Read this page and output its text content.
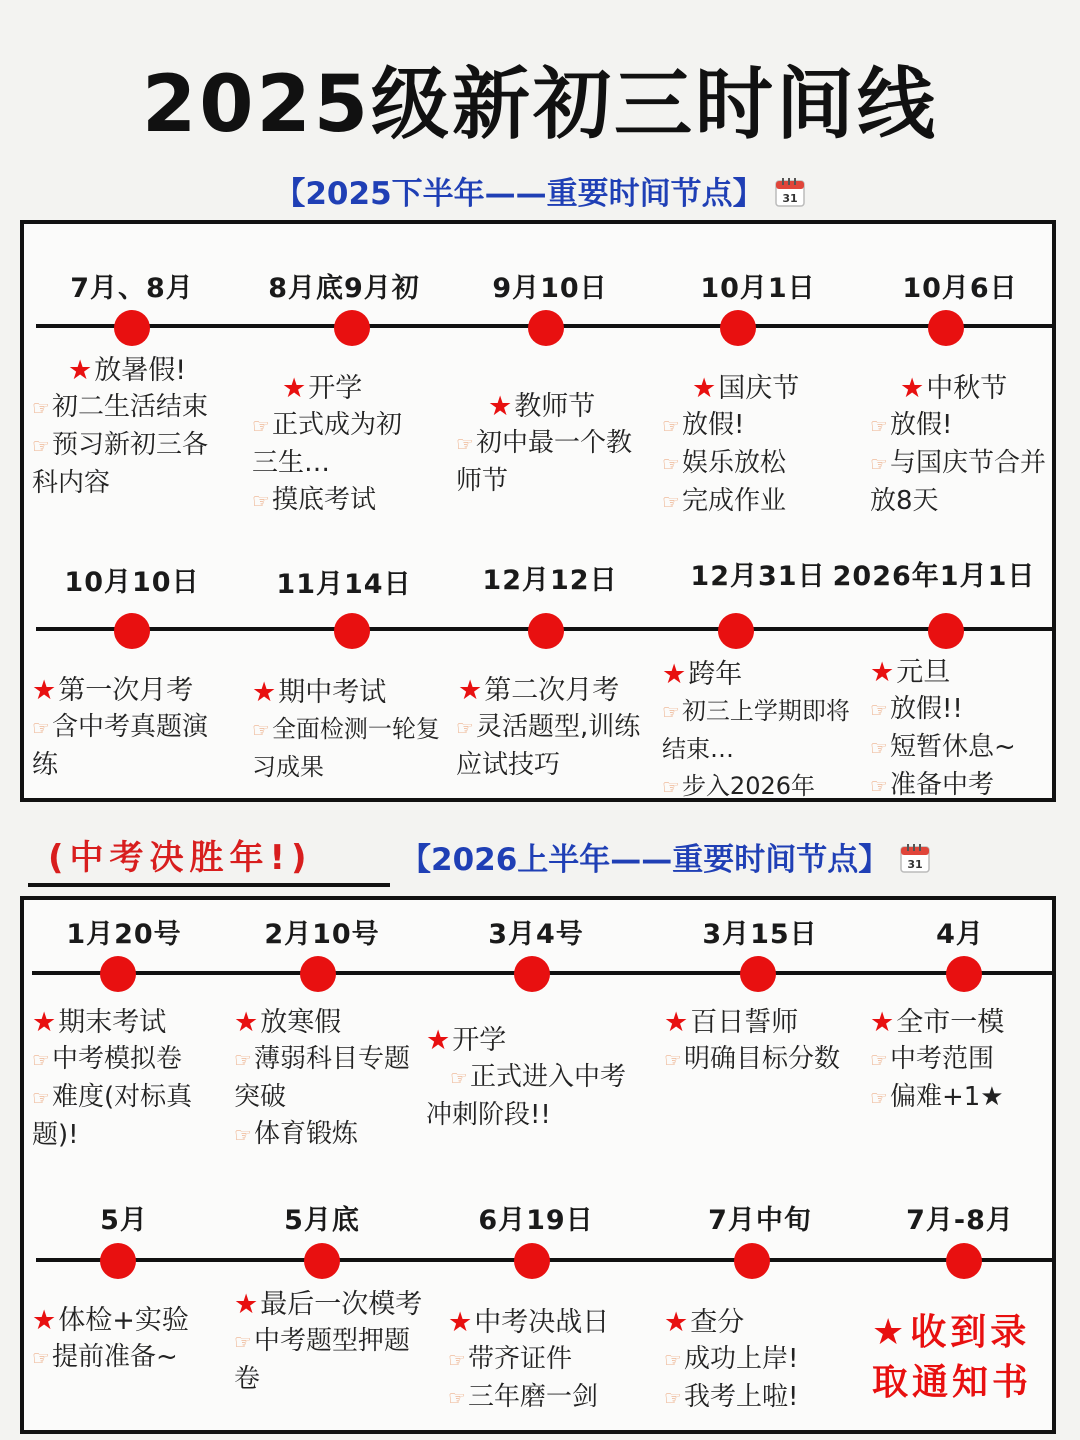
2025级新初三时间线
【2025下半年——重要时间节点】 31
7月、8月
★ 放暑假!
☞初二生活结束
☞预习新初三各科内容
8月底9月初
★ 开学
☞正式成为初三生…
☞摸底考试
9月10日
★ 教师节
☞初中最一个教师节
10月1日
★ 国庆节
☞放假!
☞娱乐放松
☞完成作业
10月6日
★ 中秋节
☞放假!
☞与国庆节合并放8天
10月10日
★ 第一次月考
☞含中考真题演练
11月14日
★ 期中考试
☞全面检测一轮复习成果
12月12日
★ 第二次月考
☞灵活题型,训练应试技巧
12月31日
★ 跨年
☞初三上学期即将结束…
☞步入2026年
2026年1月1日
★ 元旦
☞放假!!
☞短暂休息~
☞准备中考
(中考决胜年!)	【2026上半年——重要时间节点】 31
1月20号
★ 期末考试
☞中考模拟卷
☞难度(对标真题)!
2月10号
★ 放寒假
☞薄弱科目专题突破
☞体育锻炼
3月4号
★ 开学
☞正式进入中考冲刺阶段!!
3月15日
★ 百日誓师
☞明确目标分数
4月
★ 全市一模
☞中考范围
☞偏难+1★
5月
★ 体检+实验
☞提前准备~
5月底
★ 最后一次模考
☞中考题型押题卷
6月19日
★ 中考决战日
☞带齐证件
☞三年磨一剑
7月中旬
★ 查分
☞成功上岸!
☞我考上啦!
7月-8月
★ 收到录取通知书
